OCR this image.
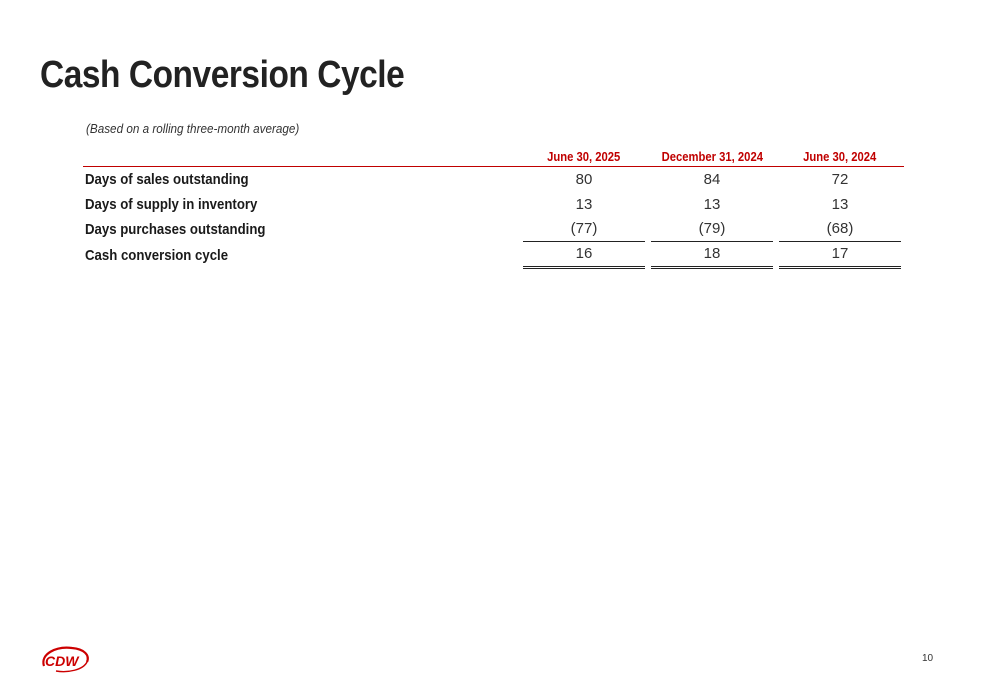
Cash Conversion Cycle
(Based on a rolling three-month average)
	June 30, 2025	December 31, 2024	June 30, 2024
Days of sales outstanding	80	84	72

Days of supply in inventory	13	13	13

Days purchases outstanding	(77)	(79)	(68)

Cash conversion cycle	16	18	17
CDW	10
